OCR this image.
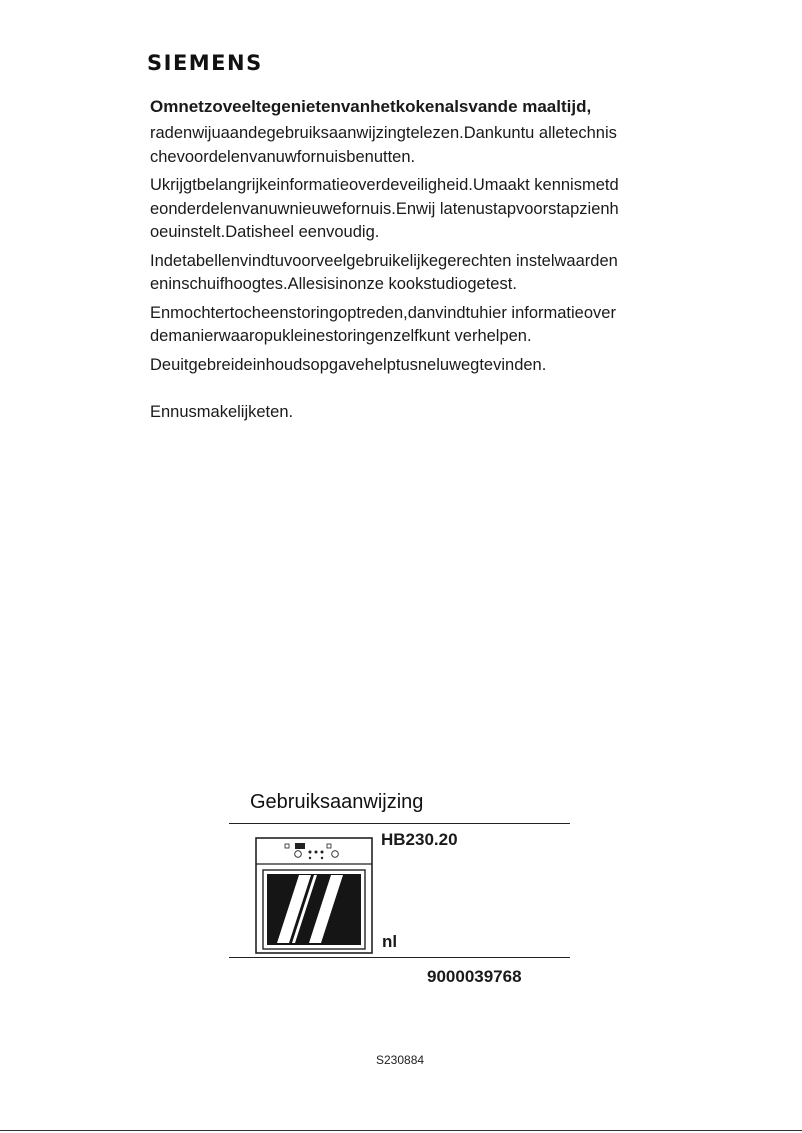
SIEMENS
Omnetzoveeltegenietenvanhetkokenalsvande maaltijd,

radenwijuaandegebruiksaanwijzingtelezen.Dankuntu alletechnischevoordelenvanuwfornuisbenutten.

Ukrijgtbelangrijkeinformatieoverdeveiligheid.Umaakt kennismetdeonderdelenvanuwnieuwefornuis.Enwij latenustapvoorstapzienhoeuinstelt.Datisheel eenvoudig.

Indetabellenvindtuvoorveelgebruikelijkegerechten instelwaardeneninschuifhoogtes.Allesisinonze kookstudiogetest.

Enmochtertocheenstoringoptreden,danvindtuhier informatieoverdemanierwaaropukleinestoringenzelfkunt verhelpen.

Deuitgebreideinhoudsopgavehelptusneluwegtevinden.

Ennusmakelijketen.

Gebruiksaanwijzing
HB230.20
nl
9000039768
S230884
